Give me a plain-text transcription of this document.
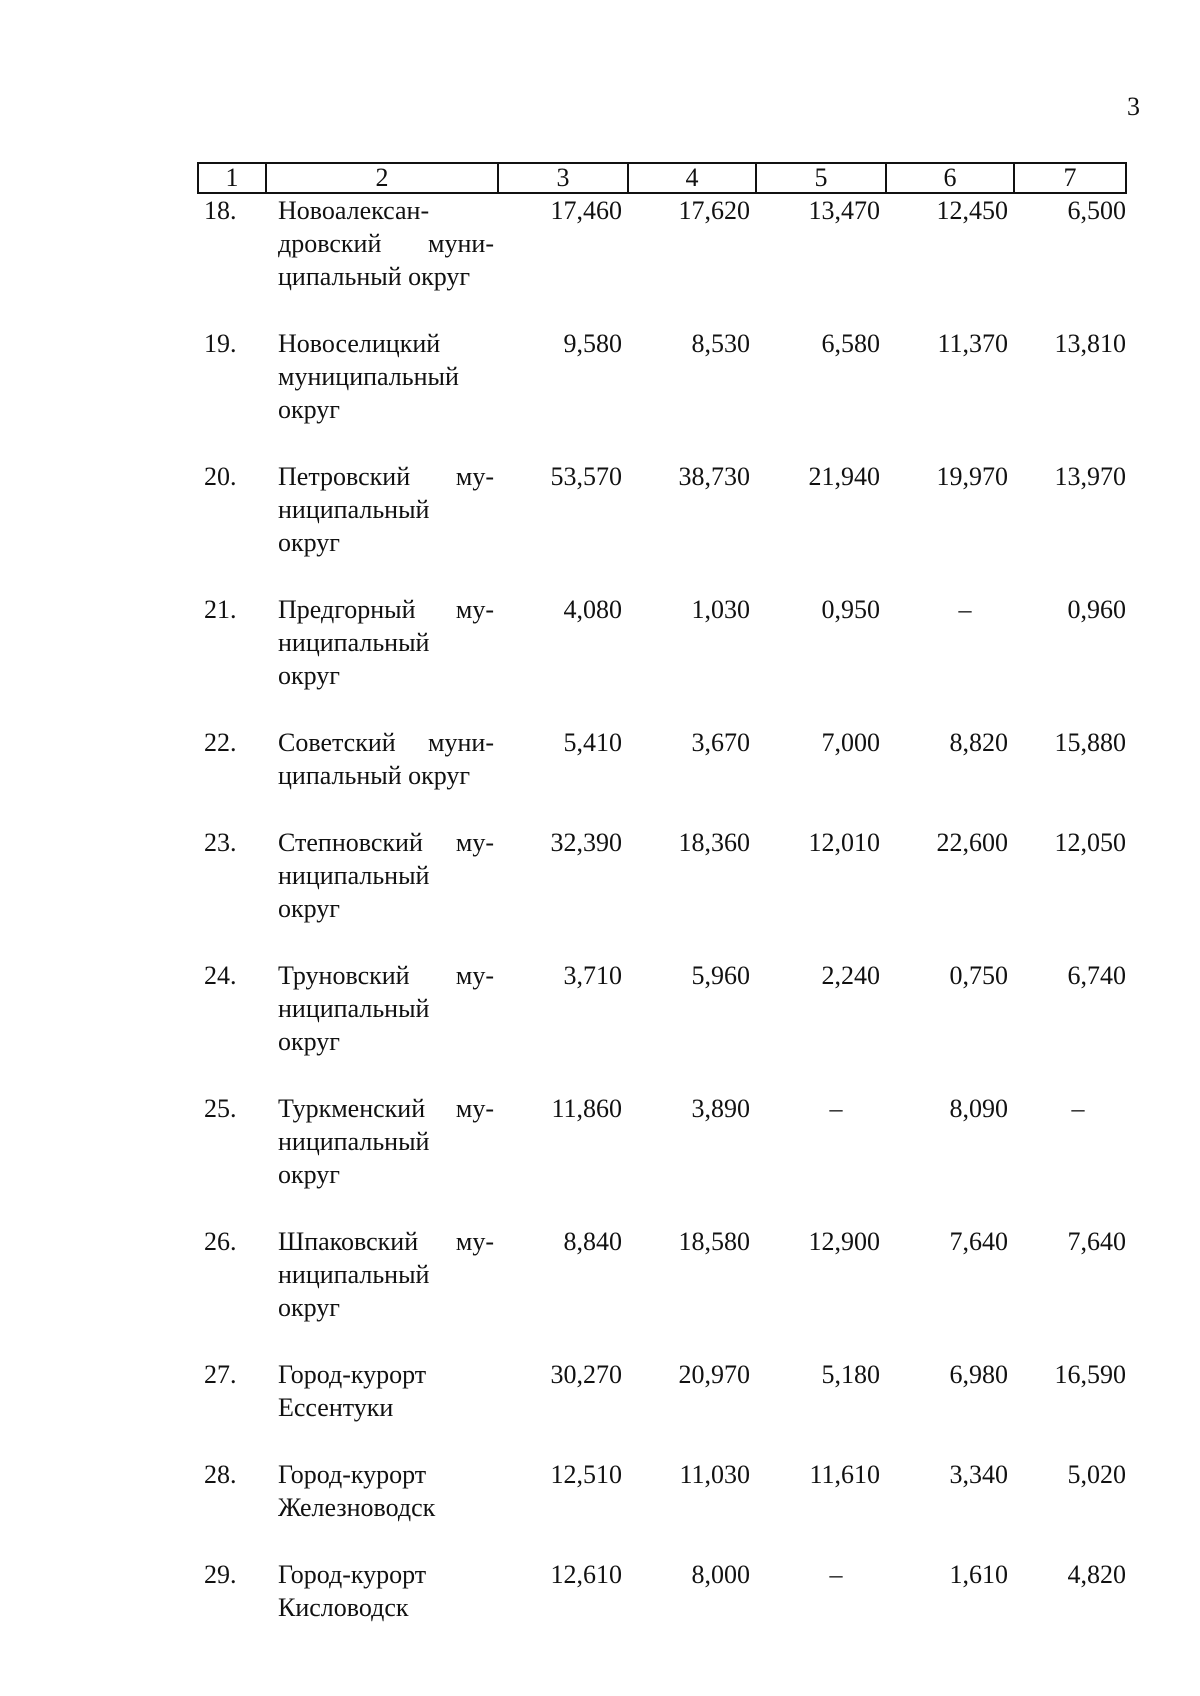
3
1	2	3	4	5	6	7
18.	Новоалексан-
дровский муни-
ципальный округ	17,460	17,620	13,470	12,450	6,500

19.	Новоселицкий
муниципальный
округ	9,580	8,530	6,580	11,370	13,810

20.	Петровский му-
ниципальный
округ	53,570	38,730	21,940	19,970	13,970

21.	Предгорный му-
ниципальный
округ	4,080	1,030	0,950	–	0,960

22.	Советский муни-
ципальный округ	5,410	3,670	7,000	8,820	15,880

23.	Степновский му-
ниципальный
округ	32,390	18,360	12,010	22,600	12,050

24.	Труновский му-
ниципальный
округ	3,710	5,960	2,240	0,750	6,740

25.	Туркменский му-
ниципальный
округ	11,860	3,890	–	8,090	–

26.	Шпаковский му-
ниципальный
округ	8,840	18,580	12,900	7,640	7,640

27.	Город-курорт
Ессентуки	30,270	20,970	5,180	6,980	16,590

28.	Город-курорт
Железноводск	12,510	11,030	11,610	3,340	5,020

29.	Город-курорт
Кисловодск	12,610	8,000	–	1,610	4,820
